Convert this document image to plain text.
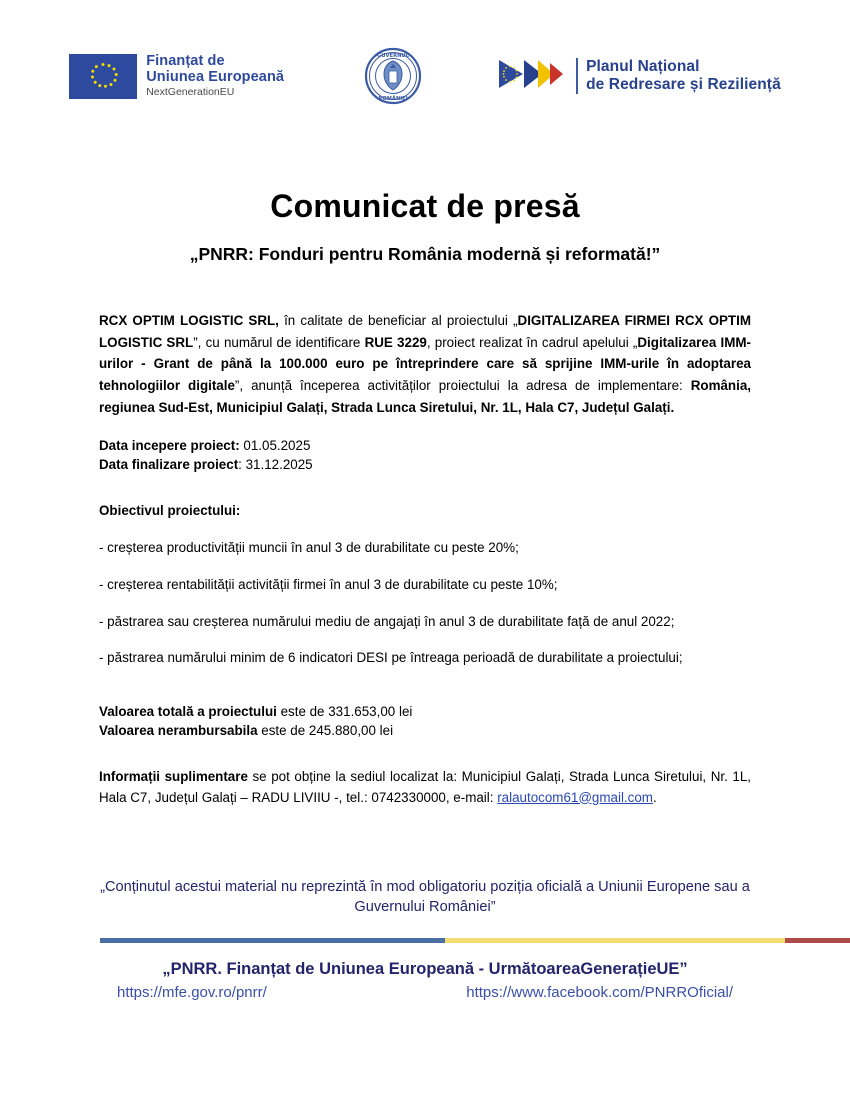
Finanțat de
Uniunea Europeană
NextGenerationEU
GUVERNUL
ROMÂNIEI
Planul Național
de Redresare și Reziliență
Comunicat de presă
„PNRR: Fonduri pentru România modernă și reformată!”
RCX OPTIM LOGISTIC SRL, în calitate de beneficiar al proiectului „DIGITALIZAREA FIRMEI RCX OPTIM LOGISTIC SRL”, cu numărul de identificare RUE 3229, proiect realizat în cadrul apelului „Digitalizarea IMM-urilor - Grant de până la 100.000 euro pe întreprindere care să sprijine IMM-urile în adoptarea tehnologiilor digitale”, anunță începerea activităților proiectului la adresa de implementare: România, regiunea Sud-Est, Municipiul Galați, Strada Lunca Siretului, Nr. 1L, Hala C7, Județul Galați.
Data incepere proiect: 01.05.2025
Data finalizare proiect: 31.12.2025
Obiectivul proiectului:
- creșterea productivității muncii în anul 3 de durabilitate cu peste 20%;
- creșterea rentabilității activității firmei în anul 3 de durabilitate cu peste 10%;
- păstrarea sau creșterea numărului mediu de angajați în anul 3 de durabilitate față de anul 2022;
- păstrarea numărului minim de 6 indicatori DESI pe întreaga perioadă de durabilitate a proiectului;
Valoarea totală a proiectului este de 331.653,00 lei
Valoarea nerambursabila este de 245.880,00 lei
Informații suplimentare se pot obține la sediul localizat la: Municipiul Galați, Strada Lunca Siretului, Nr. 1L, Hala C7, Județul Galați – RADU LIVIIU -, tel.: 0742330000, e-mail: ralautocom61@gmail.com.
„Conținutul acestui material nu reprezintă în mod obligatoriu poziția oficială a Uniunii Europene sau a Guvernului României”
„PNRR. Finanțat de Uniunea Europeană - UrmătoareaGenerațieUE”
https://mfe.gov.ro/pnrr/	https://www.facebook.com/PNRROficial/
